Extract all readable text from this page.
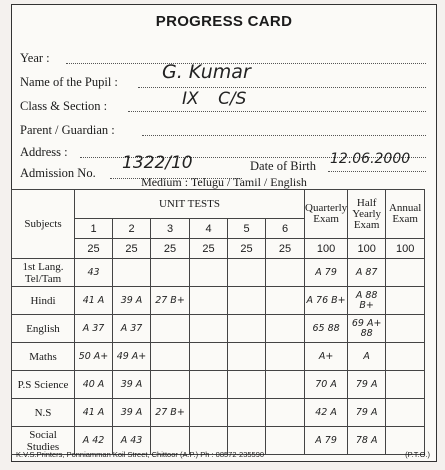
PROGRESS CARD
Year :
Name of the Pupil : G. Kumar
Class & Section :	IX C/S
Parent / Guardian :
Address :
Admission No. 1322/10	Date of Birth 12.06.2000
Medium : Telugu / Tamil / English
Subjects	UNIT TESTS						Quarterly Exam	Half Yearly Exam	Annual Exam
	1	2	3	4	5	6			
	25	25	25	25	25	25	100	100	100
1st Lang. Tel/Tam	43						A 79	A 87	

Hindi	41 A	39 A	27 B+				A 76 B+	A 88 B+	

English	A 37	A 37					65 88	69 A+ 88	

Maths	50 A+	49 A+					A+	A	

P.S Science	40 A	39 A					70 A	79 A	

N.S	41 A	39 A	27 B+				42 A	79 A	

Social Studies	A 42	A 43					A 79	78 A	

K.V.S.Printers, Ponniamman Koil Street, Chittoor (A.P.) Ph : 08572-235590	(P.T.O.)
